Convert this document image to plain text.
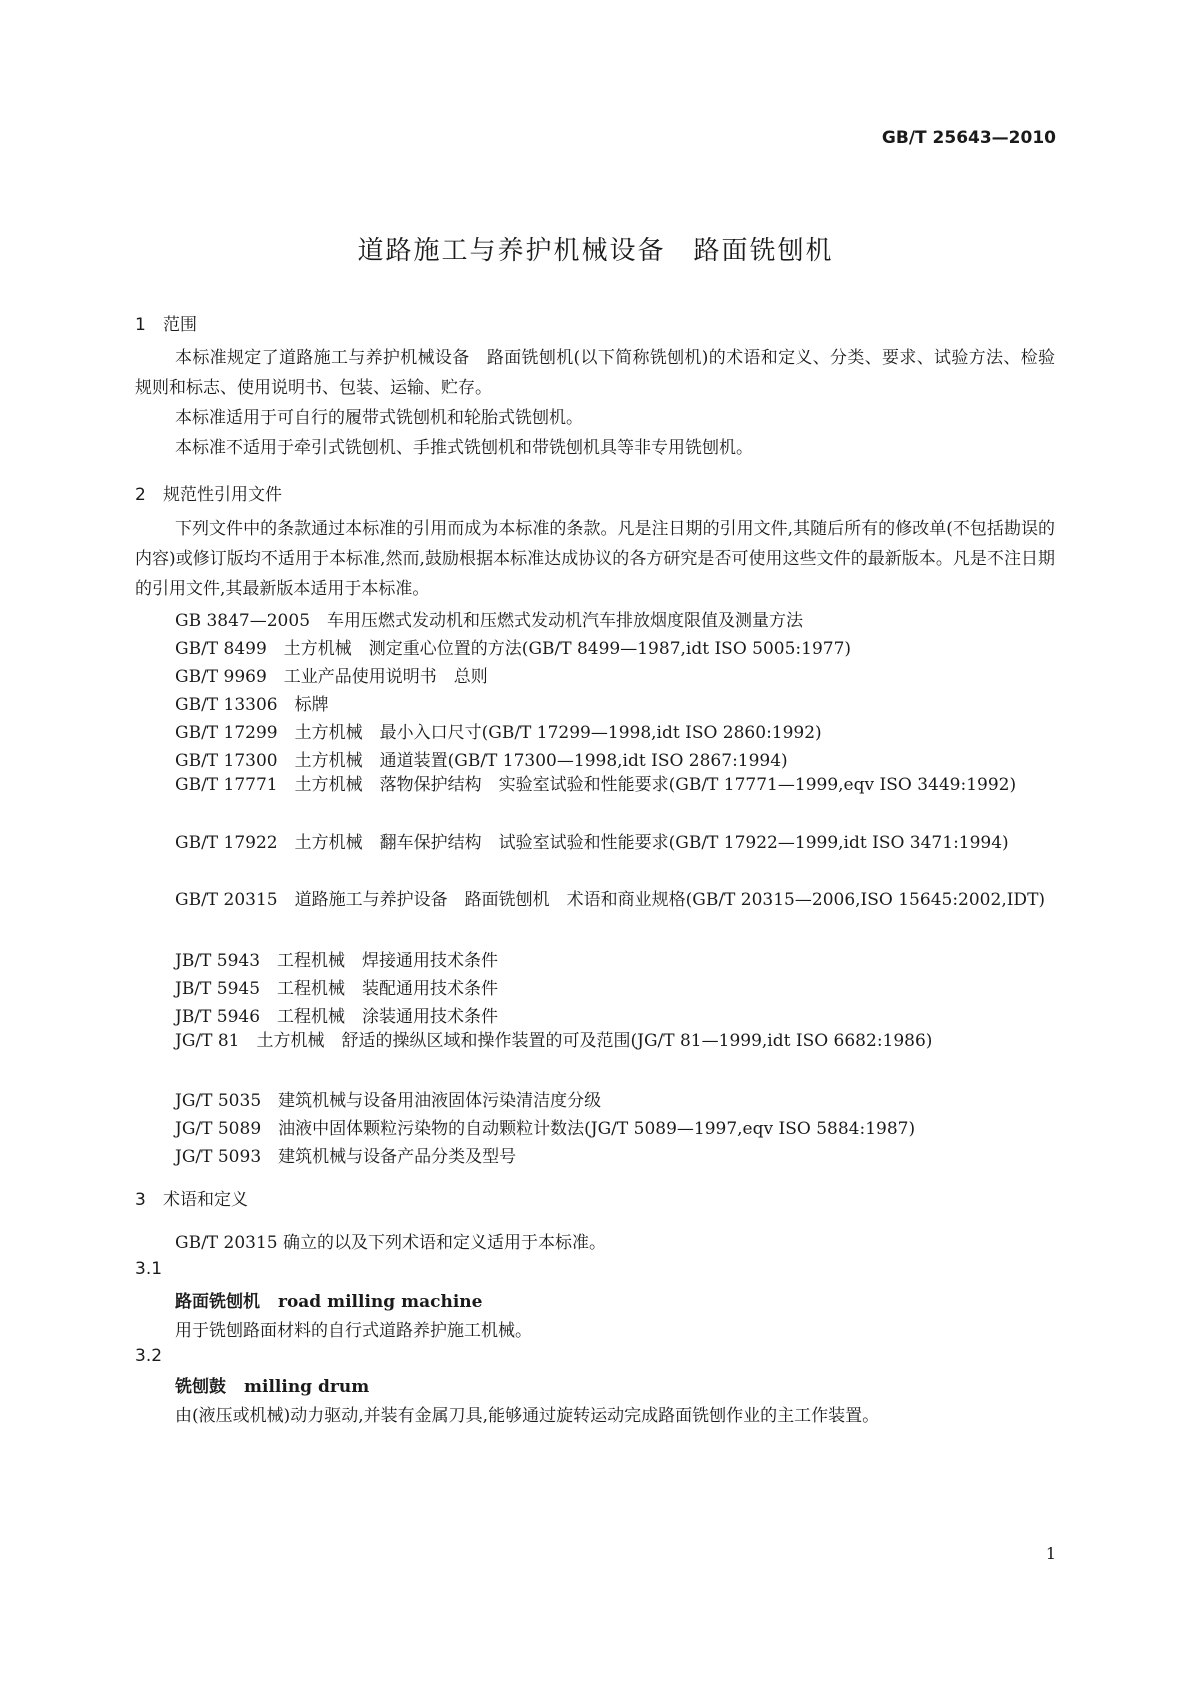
GB/T 25643—2010
道路施工与养护机械设备　路面铣刨机
1 范围

本标准规定了道路施工与养护机械设备　路面铣刨机(以下简称铣刨机)的术语和定义、分类、要求、试验方法、检验规则和标志、使用说明书、包装、运输、贮存。

本标准适用于可自行的履带式铣刨机和轮胎式铣刨机。

本标准不适用于牵引式铣刨机、手推式铣刨机和带铣刨机具等非专用铣刨机。

2 规范性引用文件

下列文件中的条款通过本标准的引用而成为本标准的条款。凡是注日期的引用文件,其随后所有的修改单(不包括勘误的内容)或修订版均不适用于本标准,然而,鼓励根据本标准达成协议的各方研究是否可使用这些文件的最新版本。凡是不注日期的引用文件,其最新版本适用于本标准。

GB 3847—2005　车用压燃式发动机和压燃式发动机汽车排放烟度限值及测量方法
GB/T 8499　土方机械　测定重心位置的方法(GB/T 8499—1987,idt ISO 5005:1977)
GB/T 9969　工业产品使用说明书　总则
GB/T 13306　标牌
GB/T 17299　土方机械　最小入口尺寸(GB/T 17299—1998,idt ISO 2860:1992)
GB/T 17300　土方机械　通道装置(GB/T 17300—1998,idt ISO 2867:1994)

GB/T 17771　土方机械　落物保护结构　实验室试验和性能要求(GB/T 17771—1999,eqv ISO 3449:1992)

GB/T 17922　土方机械　翻车保护结构　试验室试验和性能要求(GB/T 17922—1999,idt ISO 3471:1994)

GB/T 20315　道路施工与养护设备　路面铣刨机　术语和商业规格(GB/T 20315—2006,ISO 15645:2002,IDT)

JB/T 5943　工程机械　焊接通用技术条件
JB/T 5945　工程机械　装配通用技术条件
JB/T 5946　工程机械　涂装通用技术条件

JG/T 81　土方机械　舒适的操纵区域和操作装置的可及范围(JG/T 81—1999,idt ISO 6682:1986)

JG/T 5035　建筑机械与设备用油液固体污染清洁度分级
JG/T 5089　油液中固体颗粒污染物的自动颗粒计数法(JG/T 5089—1997,eqv ISO 5884:1987)
JG/T 5093　建筑机械与设备产品分类及型号
3 术语和定义
GB/T 20315 确立的以及下列术语和定义适用于本标准。
3.1
路面铣刨机 road milling machine
用于铣刨路面材料的自行式道路养护施工机械。
3.2
铣刨鼓 milling drum
由(液压或机械)动力驱动,并装有金属刀具,能够通过旋转运动完成路面铣刨作业的主工作装置。
1
